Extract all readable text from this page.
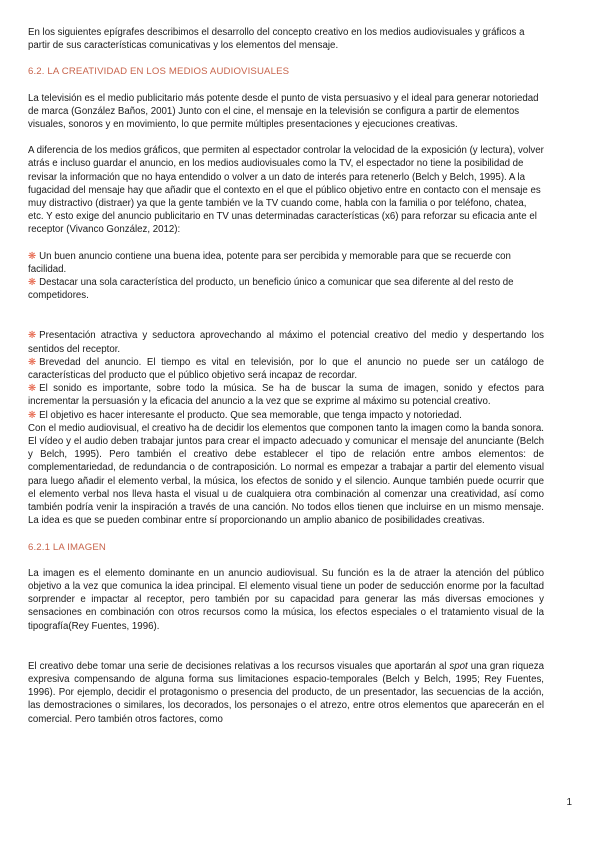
En los siguientes epígrafes describimos el desarrollo del concepto creativo en los medios audiovisuales y gráficos a partir de sus características comunicativas y los elementos del mensaje.

6.2. LA CREATIVIDAD EN LOS MEDIOS AUDIOVISUALES

La televisión es el medio publicitario más potente desde el punto de vista persuasivo y el ideal para generar notoriedad de marca (González Baños, 2001) Junto con el cine, el mensaje en la televisión se configura a partir de elementos visuales, sonoros y en movimiento, lo que permite múltiples presentaciones y ejecuciones creativas.

A diferencia de los medios gráficos, que permiten al espectador controlar la velocidad de la exposición (y lectura), volver atrás e incluso guardar el anuncio, en los medios audiovisuales como la TV, el espectador no tiene la posibilidad de revisar la información que no haya entendido o volver a un dato de interés para retenerlo (Belch y Belch, 1995). A la fugacidad del mensaje hay que añadir que el contexto en el que el público objetivo entre en contacto con el mensaje es muy distractivo (distraer) ya que la gente también ve la TV cuando come, habla con la familia o por teléfono, chatea, etc. Y esto exige del anuncio publicitario en TV unas determinadas características (x6) para reforzar su eficacia ante el receptor (Vivanco González, 2012):

❋ Un buen anuncio contiene una buena idea, potente para ser percibida y memorable para que se recuerde con facilidad.

❋ Destacar una sola característica del producto, un beneficio único a comunicar que sea diferente al del resto de competidores.

❋ Presentación atractiva y seductora aprovechando al máximo el potencial creativo del medio y despertando los sentidos del receptor.

❋ Brevedad del anuncio. El tiempo es vital en televisión, por lo que el anuncio no puede ser un catálogo de características del producto que el público objetivo será incapaz de recordar.

❋ El sonido es importante, sobre todo la música. Se ha de buscar la suma de imagen, sonido y efectos para incrementar la persuasión y la eficacia del anuncio a la vez que se exprime al máximo su potencial creativo.

❋ El objetivo es hacer interesante el producto. Que sea memorable, que tenga impacto y notoriedad.

Con el medio audiovisual, el creativo ha de decidir los elementos que componen tanto la imagen como la banda sonora. El vídeo y el audio deben trabajar juntos para crear el impacto adecuado y comunicar el mensaje del anunciante (Belch y Belch, 1995). Pero también el creativo debe establecer el tipo de relación entre ambos elementos: de complementariedad, de redundancia o de contraposición. Lo normal es empezar a trabajar a partir del elemento visual para luego añadir el elemento verbal, la música, los efectos de sonido y el silencio. Aunque también puede ocurrir que el elemento verbal nos lleva hasta el visual u de cualquiera otra combinación al comenzar una creatividad, así como también podría venir la inspiración a través de una canción. No todos ellos tienen que incluirse en un mismo mensaje. La idea es que se pueden combinar entre sí proporcionando un amplio abanico de posibilidades creativas.

6.2.1 LA IMAGEN

La imagen es el elemento dominante en un anuncio audiovisual. Su función es la de atraer la atención del público objetivo a la vez que comunica la idea principal. El elemento visual tiene un poder de seducción enorme por la facultad sorprender e impactar al receptor, pero también por su capacidad para generar las más diversas emociones y sensaciones en combinación con otros recursos como la música, los efectos especiales o el tratamiento visual de la tipografía(Rey Fuentes, 1996).

El creativo debe tomar una serie de decisiones relativas a los recursos visuales que aportarán al spot una gran riqueza expresiva compensando de alguna forma sus limitaciones espacio-temporales (Belch y Belch, 1995; Rey Fuentes, 1996). Por ejemplo, decidir el protagonismo o presencia del producto, de un presentador, las secuencias de la acción, las demostraciones o similares, los decorados, los personajes o el atrezo, entre otros elementos que aparecerán en el comercial. Pero también otros factores, como

1
